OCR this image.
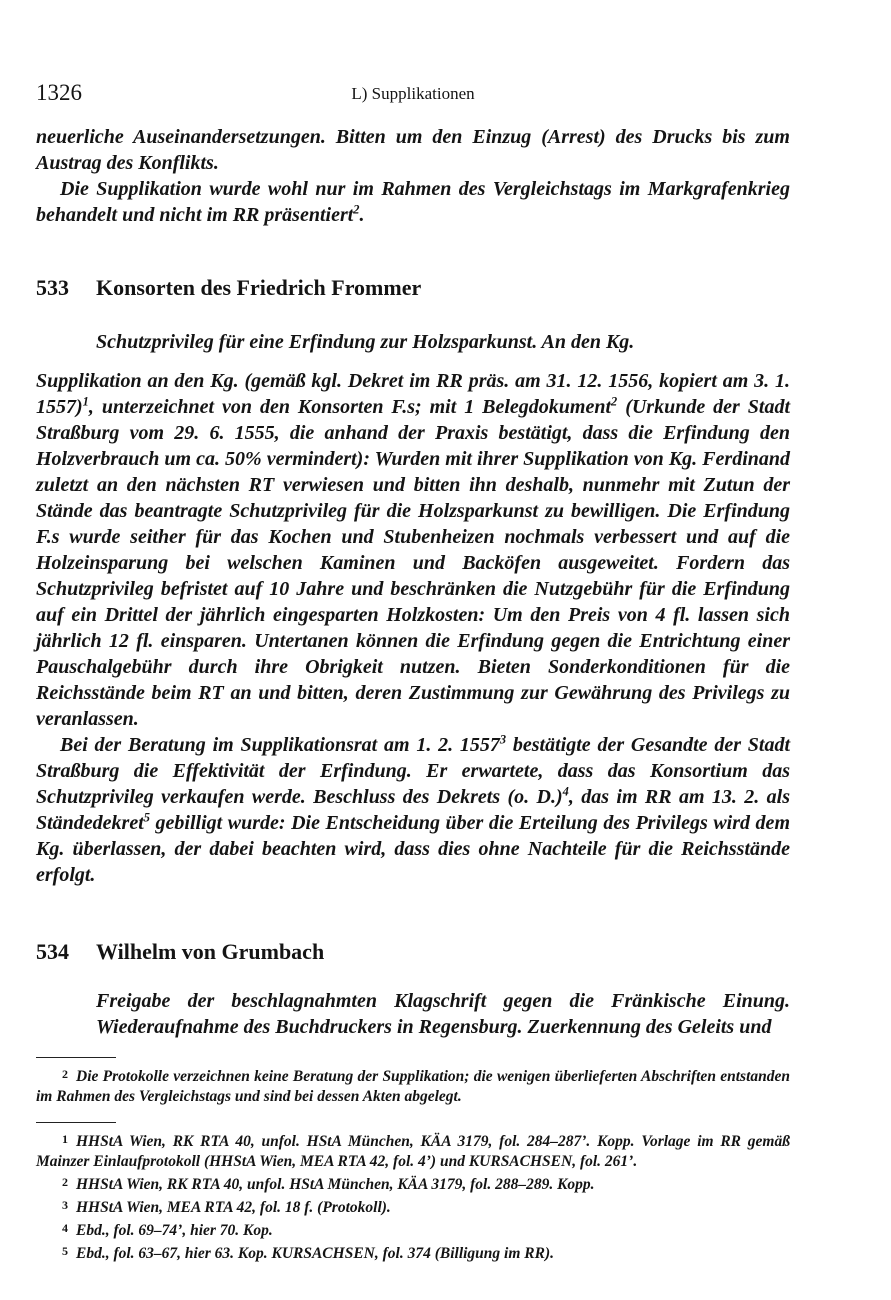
1326	L) Supplikationen

neuerliche Auseinandersetzungen. Bitten um den Einzug (Arrest) des Drucks bis zum Austrag des Konflikts.

Die Supplikation wurde wohl nur im Rahmen des Vergleichstags im Markgrafenkrieg behandelt und nicht im RR präsentiert$^2$.

533 Konsorten des Friedrich Frommer
Schutzprivileg für eine Erfindung zur Holzsparkunst. An den Kg.

Supplikation an den Kg. (gemäß kgl. Dekret im RR präs. am 31. 12. 1556, kopiert am 3. 1. 1557)$^1$, unterzeichnet von den Konsorten F.s; mit 1 Belegdokument$^2$ (Urkunde der Stadt Straßburg vom 29. 6. 1555, die anhand der Praxis bestätigt, dass die Erfindung den Holzverbrauch um ca. 50% vermindert): Wurden mit ihrer Supplikation von Kg. Ferdinand zuletzt an den nächsten RT verwiesen und bitten ihn deshalb, nunmehr mit Zutun der Stände das beantragte Schutzprivileg für die Holzsparkunst zu bewilligen. Die Erfindung F.s wurde seither für das Kochen und Stubenheizen nochmals verbessert und auf die Holzeinsparung bei welschen Kaminen und Backöfen ausgeweitet. Fordern das Schutzprivileg befristet auf 10 Jahre und beschränken die Nutzgebühr für die Erfindung auf ein Drittel der jährlich eingesparten Holzkosten: Um den Preis von 4 fl. lassen sich jährlich 12 fl. einsparen. Untertanen können die Erfindung gegen die Entrichtung einer Pauschalgebühr durch ihre Obrigkeit nutzen. Bieten Sonderkonditionen für die Reichsstände beim RT an und bitten, deren Zustimmung zur Gewährung des Privilegs zu veranlassen.

Bei der Beratung im Supplikationsrat am 1. 2. 1557$^3$ bestätigte der Gesandte der Stadt Straßburg die Effektivität der Erfindung. Er erwartete, dass das Konsortium das Schutzprivileg verkaufen werde. Beschluss des Dekrets (o. D.)$^4$, das im RR am 13. 2. als Ständedekret$^5$ gebilligt wurde: Die Entscheidung über die Erteilung des Privilegs wird dem Kg. überlassen, der dabei beachten wird, dass dies ohne Nachteile für die Reichsstände erfolgt.

534 Wilhelm von Grumbach
Freigabe der beschlagnahmten Klagschrift gegen die Fränkische Einung. Wiederaufnahme des Buchdruckers in Regensburg. Zuerkennung des Geleits und

2 Die Protokolle verzeichnen keine Beratung der Supplikation; die wenigen überlieferten Abschriften entstanden im Rahmen des Vergleichstags und sind bei dessen Akten abgelegt.

1 HHStA Wien, RK RTA 40, unfol. HStA München, KÄA 3179, fol. 284–287’. Kopp. Vorlage im RR gemäß Mainzer Einlaufprotokoll (HHStA Wien, MEA RTA 42, fol. 4’) und KURSACHSEN, fol. 261’.

2 HHStA Wien, RK RTA 40, unfol. HStA München, KÄA 3179, fol. 288–289. Kopp.

3 HHStA Wien, MEA RTA 42, fol. 18 f. (Protokoll).

4 Ebd., fol. 69–74’, hier 70. Kop.

5 Ebd., fol. 63–67, hier 63. Kop. KURSACHSEN, fol. 374 (Billigung im RR).
